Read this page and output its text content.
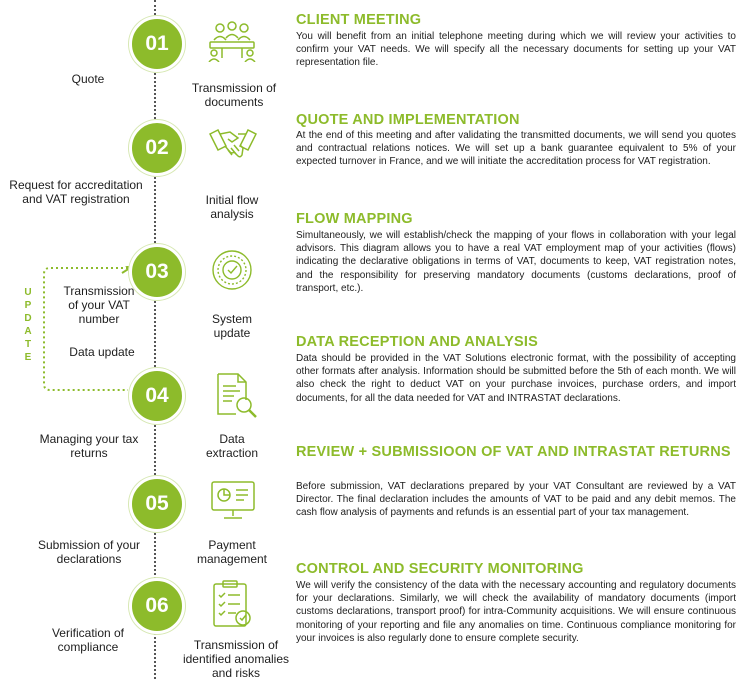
U
P
D
A
T
E
01
02
03
04
05
06
Quote
Request for accreditation and VAT registration
Transmission of your VAT number
Data update
Managing your tax returns
Submission of your declarations
Verification of compliance
Transmission of documents
Initial flow analysis
System update
Data extraction
Payment management
Transmission of identified anomalies and risks
CLIENT MEETING
You will benefit from an initial telephone meeting during which we will review your activities to confirm your VAT needs. We will specify all the necessary documents for setting up your VAT representation file.
QUOTE AND IMPLEMENTATION
At the end of this meeting and after validating the transmitted documents, we will send you quotes and contractual relations notices. We will set up a bank guarantee equivalent to 5% of your expected turnover in France, and we will initiate the accreditation process for VAT registration.
FLOW MAPPING
Simultaneously, we will establish/check the mapping of your flows in collaboration with your legal advisors. This diagram allows you to have a real VAT employment map of your activities (flows) indicating the declarative obligations in terms of VAT, documents to keep, VAT registration notes, and the responsibility for preserving mandatory documents (customs declarations, proof of transport, etc.).
DATA RECEPTION AND ANALYSIS
Data should be provided in the VAT Solutions electronic format, with the possibility of accepting other formats after analysis. Information should be submitted before the 5th of each month. We will also check the right to deduct VAT on your purchase invoices, purchase orders, and import documents, for all the data needed for VAT and INTRASTAT declarations.
REVIEW + SUBMISSIOON OF VAT AND INTRASTAT RETURNS
Before submission, VAT declarations prepared by your VAT Consultant are reviewed by a VAT Director. The final declaration includes the amounts of VAT to be paid and any debit memos. The cash flow analysis of payments and refunds is an essential part of your tax management.
CONTROL AND SECURITY MONITORING
We will verify the consistency of the data with the necessary accounting and regulatory documents for your declarations. Similarly, we will check the availability of mandatory documents (import customs declarations, transport proof) for intra-Community acquisitions. We will ensure continuous monitoring of your reporting and file any anomalies on time. Continuous compliance monitoring for your invoices is also regularly done to ensure complete security.
